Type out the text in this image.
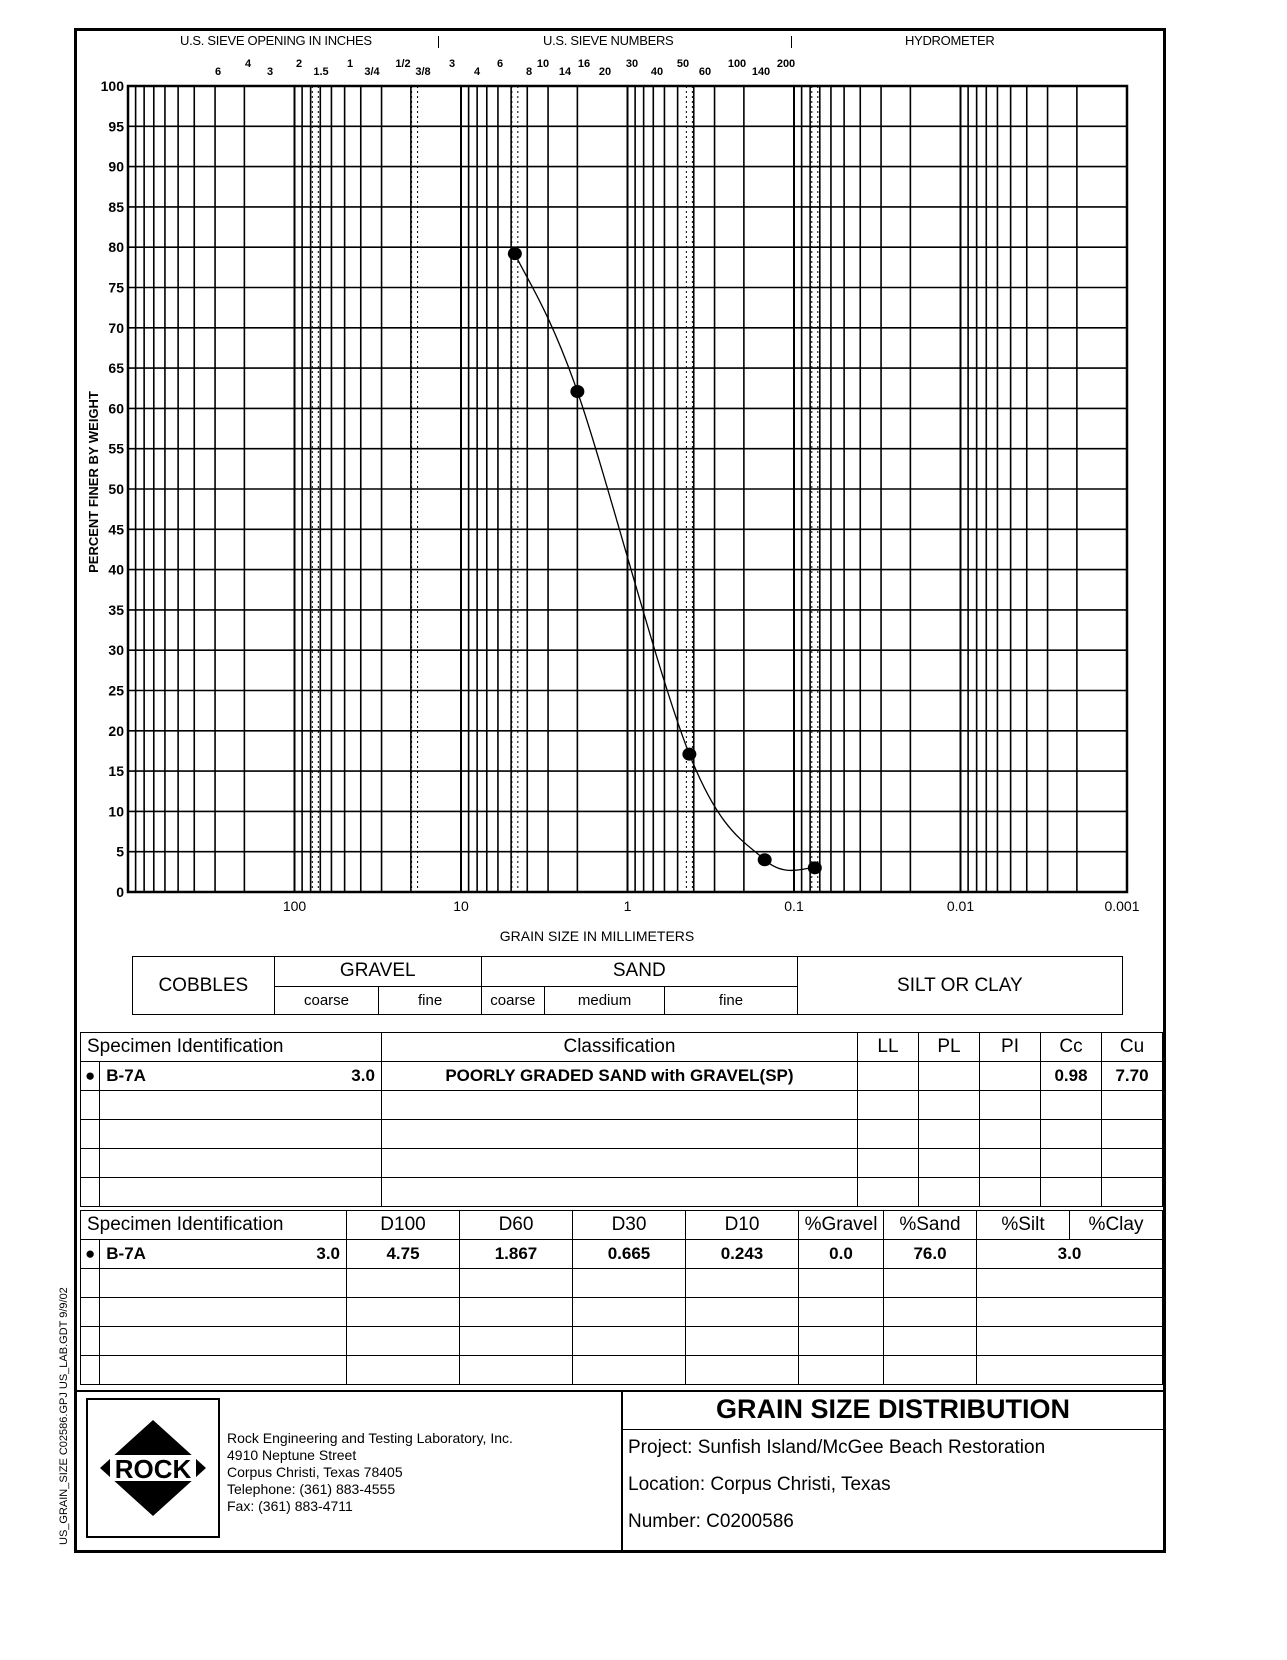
U.S. SIEVE OPENING IN INCHES	U.S. SIEVE NUMBERS	HYDROMETER
6
4
3
2
1.5
1
3/4
1/2
3/8
3
4
6
8
10
14
16
20
30
40
50
60
100
140
200
0
5
10
15
20
25
30
35
40
45
50
55
60
65
70
75
80
85
90
95
100
100	10	1	0.1	0.01	0.001
PERCENT FINER BY WEIGHT
GRAIN SIZE IN MILLIMETERS
COBBLES	GRAVEL		SAND			SILT OR CLAY
	coarse	fine	coarse	medium	fine	
Specimen Identification			Classification	LL	PL	PI	Cc	Cu
●	B-7A	3.0	POORLY GRADED SAND with GRAVEL(SP)				0.98	7.70

Specimen Identification			D100	D60	D30	D10	%Gravel	%Sand	%Silt	%Clay
●	B-7A	3.0	4.75	1.867	0.665	0.243	0.0	76.0	3.0	

ROCK
Rock Engineering and Testing Laboratory, Inc.
4910 Neptune Street
Corpus Christi, Texas 78405
Telephone: (361) 883-4555
Fax: (361) 883-4711
GRAIN SIZE DISTRIBUTION
Project: Sunfish Island/McGee Beach Restoration
Location: Corpus Christi, Texas
Number: C0200586
US_GRAIN_SIZE C02586.GPJ US_LAB.GDT 9/9/02
